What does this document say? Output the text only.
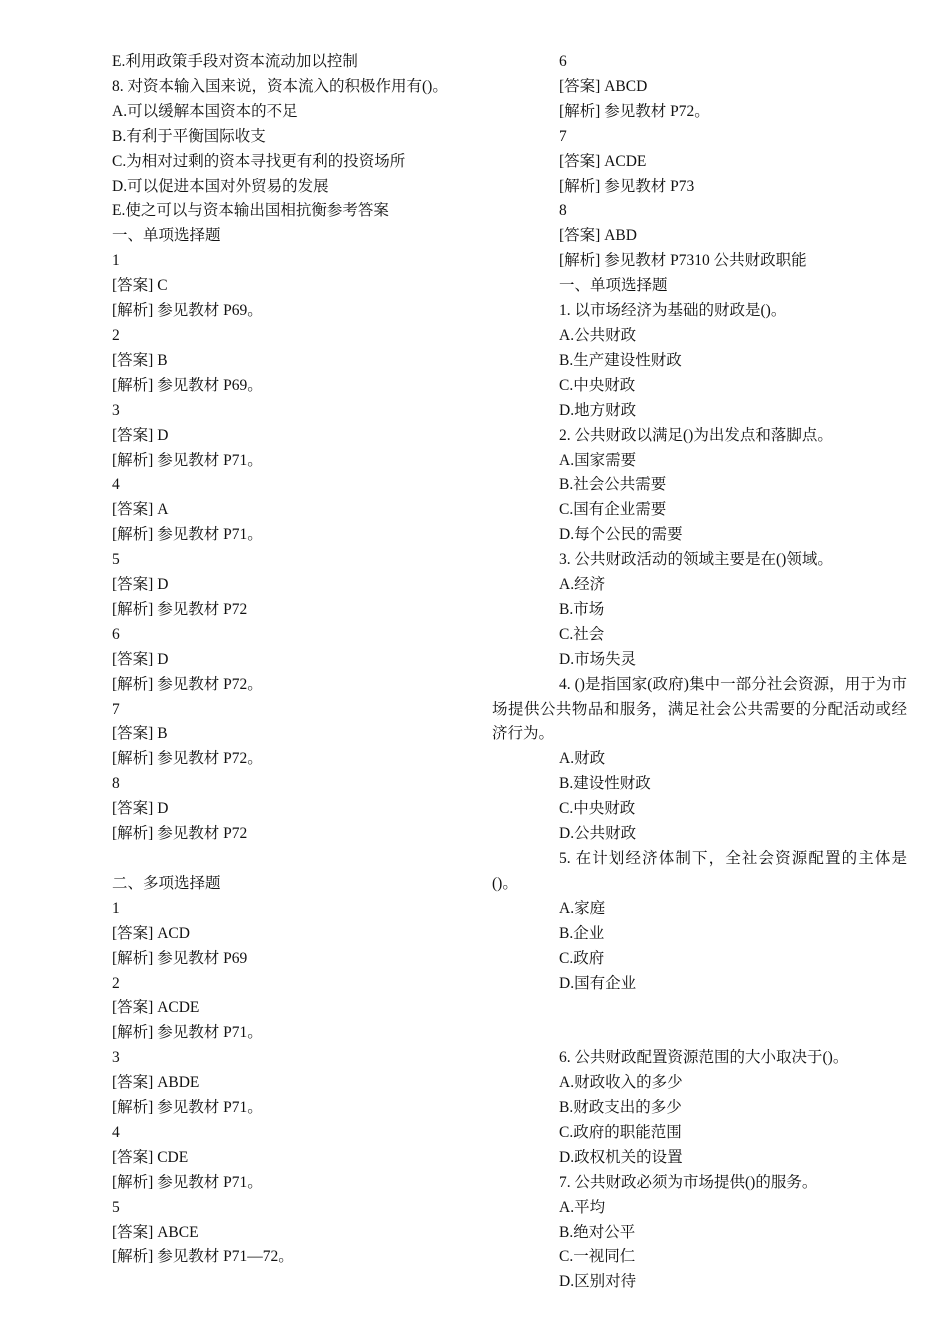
E.利用政策手段对资本流动加以控制
8. 对资本输入国来说，资本流入的积极作用有()。
A.可以缓解本国资本的不足
B.有利于平衡国际收支
C.为相对过剩的资本寻找更有利的投资场所
D.可以促进本国对外贸易的发展
E.使之可以与资本输出国相抗衡参考答案
一、单项选择题
1
[答案] C
[解析] 参见教材 P69。
2
[答案] B
[解析] 参见教材 P69。
3
[答案] D
[解析] 参见教材 P71。
4
[答案] A
[解析] 参见教材 P71。
5
[答案] D
[解析] 参见教材 P72
6
[答案] D
[解析] 参见教材 P72。
7
[答案] B
[解析] 参见教材 P72。
8
[答案] D
[解析] 参见教材 P72
二、多项选择题
1
[答案] ACD
[解析] 参见教材 P69
2
[答案] ACDE
[解析] 参见教材 P71。
3
[答案] ABDE
[解析] 参见教材 P71。
4
[答案] CDE
[解析] 参见教材 P71。
5
[答案] ABCE
[解析] 参见教材 P71—72。
6
[答案] ABCD
[解析] 参见教材 P72。
7
[答案] ACDE
[解析] 参见教材 P73
8
[答案] ABD
[解析] 参见教材 P7310 公共财政职能
一、单项选择题
1. 以市场经济为基础的财政是()。
A.公共财政
B.生产建设性财政
C.中央财政
D.地方财政
2. 公共财政以满足()为出发点和落脚点。
A.国家需要
B.社会公共需要
C.国有企业需要
D.每个公民的需要
3. 公共财政活动的领域主要是在()领域。
A.经济
B.市场
C.社会
D.市场失灵
4. ()是指国家(政府)集中一部分社会资源，用于为市场提供公共物品和服务，满足社会公共需要的分配活动或经济行为。
A.财政
B.建设性财政
C.中央财政
D.公共财政
5. 在计划经济体制下，全社会资源配置的主体是()。
A.家庭
B.企业
C.政府
D.国有企业
6. 公共财政配置资源范围的大小取决于()。
A.财政收入的多少
B.财政支出的多少
C.政府的职能范围
D.政权机关的设置
7. 公共财政必须为市场提供()的服务。
A.平均
B.绝对公平
C.一视同仁
D.区别对待
